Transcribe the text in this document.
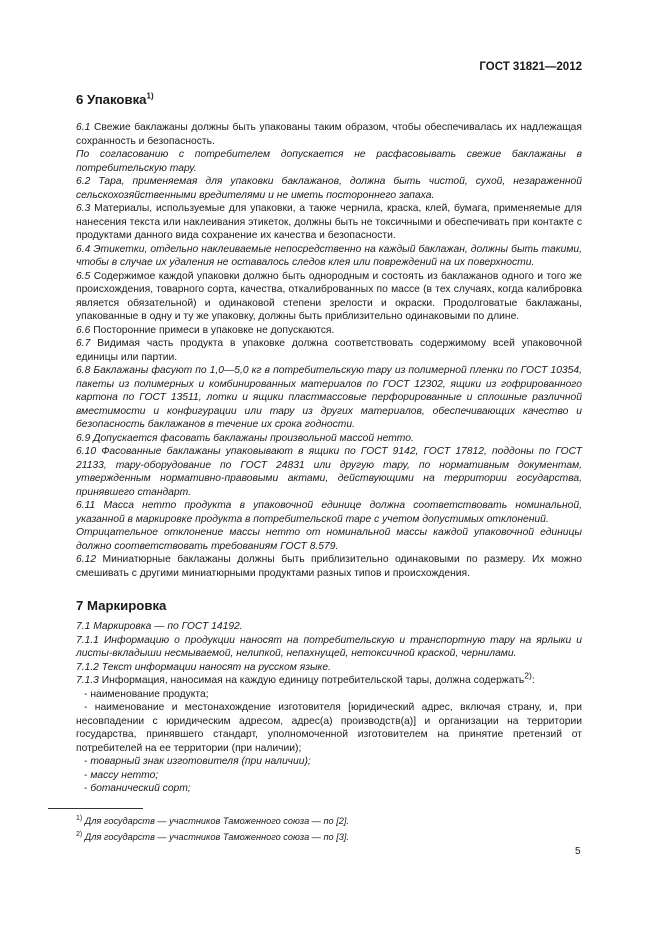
ГОСТ 31821—2012

6 Упаковка$^{1)}$

6.1 Свежие баклажаны должны быть упакованы таким образом, чтобы обеспечивалась их надлежащая сохранность и безопасность.

По согласованию с потребителем допускается не расфасовывать свежие баклажаны в потребительскую тару.

6.2 Тара, применяемая для упаковки баклажанов, должна быть чистой, сухой, незараженной сельскохозяйственными вредителями и не иметь постороннего запаха.

6.3 Материалы, используемые для упаковки, а также чернила, краска, клей, бумага, применяемые для нанесения текста или наклеивания этикеток, должны быть не токсичными и обеспечивать при контакте с продуктами данного вида сохранение их качества и безопасности.

6.4 Этикетки, отдельно наклеиваемые непосредственно на каждый баклажан, должны быть такими, чтобы в случае их удаления не оставалось следов клея или повреждений на их поверхности.

6.5 Содержимое каждой упаковки должно быть однородным и состоять из баклажанов одного и того же происхождения, товарного сорта, качества, откалиброванных по массе (в тех случаях, когда калибровка является обязательной) и одинаковой степени зрелости и окраски. Продолговатые баклажаны, упакованные в одну и ту же упаковку, должны быть приблизительно одинаковыми по длине.

6.6 Посторонние примеси в упаковке не допускаются.

6.7 Видимая часть продукта в упаковке должна соответствовать содержимому всей упаковочной единицы или партии.

6.8 Баклажаны фасуют по 1,0—5,0 кг в потребительскую тару из полимерной пленки по ГОСТ 10354, пакеты из полимерных и комбинированных материалов по ГОСТ 12302, ящики из гофрированного картона по ГОСТ 13511, лотки и ящики пластмассовые перфорированные и сплошные различной вместимости и конфигурации или тару из других материалов, обеспечивающих качество и безопасность баклажанов в течение их срока годности.

6.9 Допускается фасовать баклажаны произвольной массой нетто.

6.10 Фасованные баклажаны упаковывают в ящики по ГОСТ 9142, ГОСТ 17812, поддоны по ГОСТ 21133, тару-оборудование по ГОСТ 24831 или другую тару, по нормативным документам, утвержденным нормативно-правовыми актами, действующими на территории государства, принявшего стандарт.

6.11 Масса нетто продукта в упаковочной единице должна соответствовать номинальной, указанной в маркировке продукта в потребительской таре с учетом допустимых отклонений.

Отрицательное отклонение массы нетто от номинальной массы каждой упаковочной единицы должно соответствовать требованиям ГОСТ 8.579.

6.12 Миниатюрные баклажаны должны быть приблизительно одинаковыми по размеру. Их можно смешивать с другими миниатюрными продуктами разных типов и происхождения.

7 Маркировка

7.1 Маркировка — по ГОСТ 14192.

7.1.1 Информацию о продукции наносят на потребительскую и транспортную тару на ярлыки и листы-вкладыши несмываемой, нелипкой, непахнущей, нетоксичной краской, чернилами.

7.1.2 Текст информации наносят на русском языке.

7.1.3 Информация, наносимая на каждую единицу потребительской тары, должна содержать$^{2)}$:

- наименование продукта;

- наименование и местонахождение изготовителя [юридический адрес, включая страну, и, при несовпадении с юридическим адресом, адрес(а) производств(а)] и организации на территории государства, принявшего стандарт, уполномоченной изготовителем на принятие претензий от потребителей на ее территории (при наличии);

- товарный знак изготовителя (при наличии);

- массу нетто;

- ботанический сорт;

$^{1)}$ Для государств — участников Таможенного союза — по [2].
$^{2)}$ Для государств — участников Таможенного союза — по [3].
5
